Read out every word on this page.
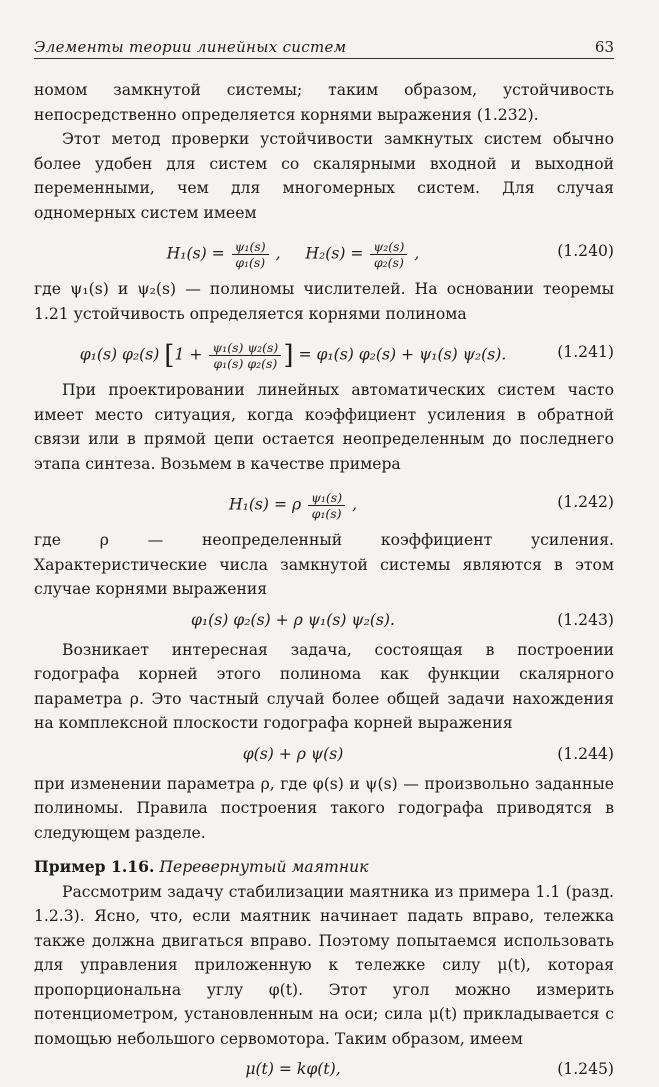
Элементы теории линейных систем	63

номом замкнутой системы; таким образом, устойчивость непосредственно определяется корнями выражения (1.232).

Этот метод проверки устойчивости замкнутых систем обычно более удобен для систем со скалярными входной и выходной переменными, чем для многомерных систем. Для случая одномерных систем имеем

$H_1(s) = \frac{\text{ψ₁(s)}}{\text{φ₁(s)}}$ , $H_2(s) = \frac{\text{ψ₂(s)}}{\text{φ₂(s)}}$ ,	(1.240)

где ψ₁(s) и ψ₂(s) — полиномы числителей. На основании теоремы 1.21 устойчивость определяется корнями полинома

φ₁(s) φ₂(s) [$1 + \frac{\text{ψ₁(s) ψ₂(s)}}{\text{φ₁(s) φ₂(s)}}$ ] = φ₁(s) φ₂(s) + ψ₁(s) ψ₂(s).	(1.241)

При проектировании линейных автоматических систем часто имеет место ситуация, когда коэффициент усиления в обратной связи или в прямой цепи остается неопределенным до последнего этапа синтеза. Возьмем в качестве примера

H₁(s) = ρ $\frac{\text{ψ₁(s)}}{\text{φ₁(s)}}$ ,	(1.242)

где ρ — неопределенный коэффициент усиления. Характеристические числа замкнутой системы являются в этом случае корнями выражения

φ₁(s) φ₂(s) + ρ ψ₁(s) ψ₂(s).	(1.243)

Возникает интересная задача, состоящая в построении годографа корней этого полинома как функции скалярного параметра ρ. Это частный случай более общей задачи нахождения на комплексной плоскости годографа корней выражения

φ(s) + ρ ψ(s)	(1.244)

при изменении параметра ρ, где φ(s) и ψ(s) — произвольно заданные полиномы. Правила построения такого годографа приводятся в следующем разделе.

Пример 1.16. Перевернутый маятник

Рассмотрим задачу стабилизации маятника из примера 1.1 (разд. 1.2.3). Ясно, что, если маятник начинает падать вправо, тележка также должна двигаться вправо. Поэтому попытаемся использовать для управления приложенную к тележке силу μ(t), которая пропорциональна углу φ(t). Этот угол можно измерить потенциометром, установленным на оси; сила μ(t) прикладывается с помощью небольшого сервомотора. Таким образом, имеем

μ(t) = kφ(t),	(1.245)
